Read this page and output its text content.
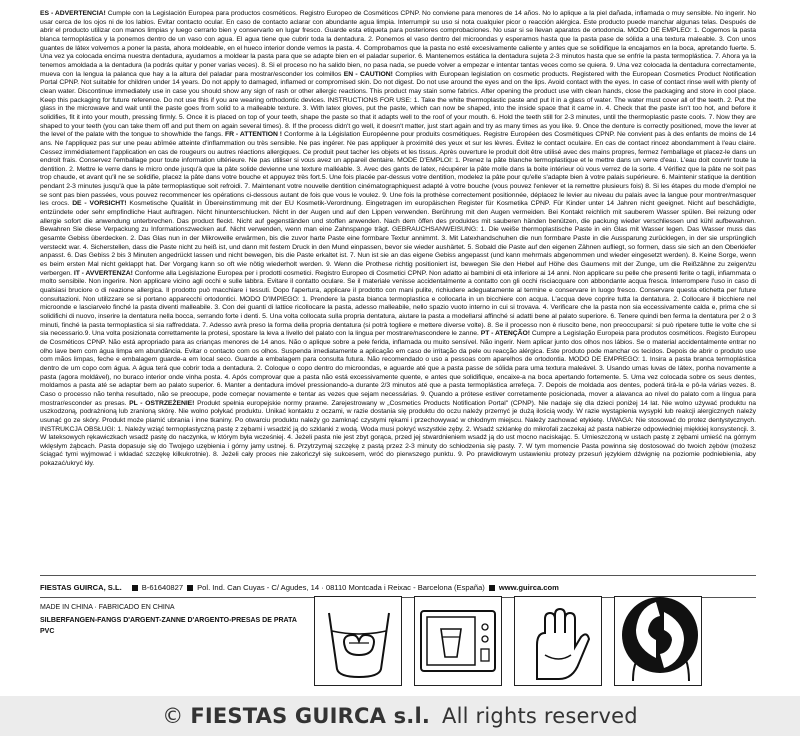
ES - ADVERTENCIA! Cumple con la Legislación Europea para productos cosméticos. Registro Europeo de Cosméticos CPNP. No conviene para menores de 14 años. No lo aplique a la piel dañada, inflamada o muy sensible. No ingerir. No usar cerca de los ojos ni de los labios. Evitar contacto ocular. En caso de contacto aclarar con abundante agua limpia. Interrumpir su uso si nota cualquier picor o reacción alérgica. Este producto puede manchar algunas telas. Después de abrir el producto utilizar con manos limpias y luego cerrarlo bien y conservarlo en lugar fresco. Guarde esta etiqueta para posteriores comprobaciones. No usar si se llevan aparatos de ortodoncia. MODO DE EMPLEO: 1. Cogemos la pasta blanca termoplástica y la ponemos dentro de un vaso con agua. El agua tiene que cubrir toda la dentadura. 2. Ponemos el vaso dentro del microondas y esperamos hasta que la pasta pase de sólida a una textura maleable. 3. Con unos guantes de látex volvemos a poner la pasta, ahora moldeable, en el hueco interior donde vemos la pasta. 4. Comprobamos que la pasta no esté excesivamente caliente y antes que se solidifique la encajamos en la boca, apretando fuerte. 5. Una vez ya colocada encima nuestra dentadura, ayudamos a moldear la pasta para que se adapte bien en el paladar superior. 6. Mantenemos estática la dentadura sujeta 2-3 minutos hasta que se enfríe la pasta termoplástica. 7. Ahora ya la tenemos amoldada a la dentadura (la podrás quitar y poner varias veces). 8. Si el proceso no ha salido bien, no pasa nada, se puede volver a empezar e intentar tantas veces como se quiera. 9. Una vez colocada la dentadura correctamente, mueva con la lengua la palanca que hay a la altura del paladar para mostrar/esconder los colmillos EN - CAUTION! Complies with European legislation on cosmetic products. Registered with the European Cosmetics Product Notification Portal CPNP. Not suitable for children under 14 years. Do not apply to damaged, inflamed or compromised skin. Do not digest. Do not use around the eyes and on the lips. Avoid contact with the eyes. In case of contact rinse well with plenty of clean water. Discontinue immediately use in case you should show any sign of rash or other allergic reactions. This product may stain some fabrics. After opening the product use with clean hands, close the packaging and store in cool place. Keep this packaging for future reference. Do not use this if you are wearing orthodontic devices. INSTRUCTIONS FOR USE: 1. Take the white thermoplastic paste and put it in a glass of water. The water must cover all of the teeth. 2. Put the glass in the microwave and wait until the paste goes from solid to a malleable texture. 3. With latex gloves, put the paste, which can now be shaped, into the inside space that it came in. 4. Check that the paste isn't too hot, and before it solidifies, fit it into your mouth, pressing firmly. 5. Once it is placed on top of your teeth, shape the paste so that it adapts well to the roof of your mouth. 6. Hold the teeth still for 2-3 minutes, until the thermoplastic paste cools. 7. Now they are shaped to your teeth (you can take them off and put them on again several times). 8. If the process didn't go well, it doesn't matter, just start again and try as many times as you like. 9. Once the denture is correctly positioned, move the lever at the level of the palate with the tongue to show/hide the fangs. FR - ATTENTION ! Conforme à la Législation Européenne pour produits cosmétiques. Registre Européen des Cosmétiques CPNP. Ne convient pas à des enfants de moins de 14 ans. Ne l'appliquez pas sur une peau abîmée atteinte d'inflammation ou très sensible. Ne pas ingérer. Ne pas appliquer à proximité des yeux et sur les lèvres. Évitez le contact oculaire. En cas de contact rincez abondamment à l'eau claire. Cessez immédiatement l'application en cas de rougeurs ou autres réactions allergiques. Ce produit peut tacher les objets et les tissus. Après ouverture le produit doit être utilisé avec des mains propres, fermez l'emballage et placez-le dans un endroit frais. Conservez l'emballage pour toute information ultérieure. Ne pas utiliser si vous avez un appareil dentaire. MODE D'EMPLOI: 1. Prenez la pâte blanche termoplastique et le mettre dans un verre d'eau. L'eau doit couvrir toute la dentition. 2. Mettre le verre dans le micro onde jusqu'à que la pâte solide devienne une texture malléable. 3. Avec des gants de latex, récupérer la pâte molle dans la boite intérieur où vous verrez de la sorte. 4 Vérifiez que la pâte ne soit pas trop chaude, et avant qu'il ne se solidifie, placez la pâte dans votre bouche et appuyez très fort.5. Une fois placée par-dessus votre dentition, modelez la pâte pour qu'elle s'adapte bien à votre palais supérieure. 6. Maintenir statique la dentition pendant 2-3 minutes jusqu'à que la pâte termoplastique soit refroidi. 7. Maintenant votre nouvelle dentition cinématographiquest adapté à votre bouche (vous pouvez l'enlever et la remettre plusieurs fois) 8. Si les étapes du mode d'emploi ne se sont pas bien passées, vous pouvez recommencer les opérations ci-dessous autant de fois que vous le voulez. 9. Une fois la prothèse correctement positionnée, déplacez le levier au niveau du palais avec la langue pour montrer/masquer les crocs. DE - VORSICHT! Kosmetische Qualität in Übereinstimmung mit der EU Kosmetik-Verordnung. Eingetragen im europäischen Register für Kosmetika CPNP. Für Kinder unter 14 Jahren nicht geeignet. Nicht auf beschädigte, entzündete oder sehr empfindliche Haut auftragen. Nicht hinunterschlucken. Nicht in der Augen und auf den Lippen verwenden. Berührung mit den Augen vermeiden. Bei Kontakt reichlich mit sauberem Wasser spülen. Bei reizung oder allergie sofort die anwendung unterbrechen. Das product fleckt. Nicht auf gegenständen und stoffen anwenden. Nach dem öffen des produktes mit sauberen händen benützen, die packung wieder verschliessen und kühl aufbewahren. Bewahren Sie diese Verpackung zu Informationszwecken auf. Nicht verwenden, wenn man eine Zahnspange trägt. GEBRAUCHSANWEISUNG: 1. Die weiße thermoplastische Paste in ein Glas mit Wasser legen. Das Wasser muss das gesamte Gebiss überdecken. 2. Das Glas nun in der Mikrowelle erwärmen, bis die zuvor harte Paste eine formbare Textur annimmt. 3. Mit Latexhandschuhen die nun formbare Paste in die Aussparung zurücklegen, in der sie ursprünglich versteckt war. 4. Sicherstellen, dass die Paste nicht zu heiß ist, und dann mit festem Druck in den Mund einpassen, bevor sie wieder aushärtet. 5. Sobald die Paste auf den eigenen Zähnen aufliegt, so formen, dass sie sich an den Oberkiefer anpasst. 6. Das Gebiss 2 bis 3 Minuten angedrückt lassen und nicht bewegen, bis die Paste erkaltet ist. 7. Nun ist sie an das eigene Gebiss angepasst (und kann mehrmals abgenommen und wieder eingesetzt werden). 8. Keine Sorge, wenn es beim ersten Mal nicht geklappt hat. Der Vorgang kann so oft wie nötig wiederholt werden. 9. Wenn die Prothese richtig positioniert ist, bewegen Sie den Hebel auf Höhe des Gaumens mit der Zunge, um die Reißzähne zu zeigen/zu verbergen. IT - AVVERTENZA! Conforme alla Legislazione Europea per i prodotti cosmetici. Registro Europeo di Cosmetici CPNP. Non adatto ai bambini di età inferiore ai 14 anni. Non applicare su pelle che presenti ferite o tagli, infiammata o molto sensibile. Non ingerire. Non applicare vicino agli occhi e sulle labbra. Evitare il contatto oculare. Se il materiale venisse accidentalmente a contatto con gli occhi risciacquare con abbondante acqua fresca. Interrompere l'uso in caso di qualsiasi bruciore o di reazione allergica. Il prodotto può macchiare i tessuti. Dopo l'apertura, applicare il prodotto con mani pulite, richiudere adeguatamente al termine e conservare in luogo fresco. Conservare questa etichetta per future consultazioni. Non utilizzare se si portano apparecchi ortodontici. MODO D'IMPIEGO: 1. Prendere la pasta bianca termoplastica e collocarla in un bicchiere con acqua. L'acqua deve coprire tutta la dentatura. 2. Collocare il bicchiere nel microonde e lasciarvelo finché la pasta diventi malleabile. 3. Con dei guanti di lattice ricollocare la pasta, adesso malleabile, nello spazio vuoto interno in cui si trovava. 4. Verificare che la pasta non sia eccessivamente calda e, prima che si solidifichi di nuovo, inserire la dentatura nella bocca, serrando forte i denti. 5. Una volta collocata sulla propria dentatura, aiutare la pasta a modellarsi affinché si adatti bene al palato superiore. 6. Tenere quindi ben ferma la dentatura per 2 o 3 minuti, finché la pasta termoplastica si sia raffreddata. 7. Adesso avrà preso la forma della propria dentatura (si potrà togliere e mettere diverse volte). 8. Se il processo non è riuscito bene, non preoccuparsi: si può ripetere tutte le volte che si sia necessario.9. Una volta posizionata correttamente la protesi, spostare la leva a livello del palato con la lingua per mostrare/nascondere le zanne. PT - ATENÇÃO! Cumpre a Legislação Europeia para produtos cosméticos. Registo Europeu de Cosméticos CPNP. Não está apropriado para as crianças menores de 14 anos. Não o aplique sobre a pele ferida, inflamada ou muito sensível. Não ingerir. Nem aplicar junto dos olhos nos lábios. Se o material accidentalmente entrar no olho lave bem com água limpa em abundância. Evitar o contacto com os olhos. Suspenda imediatamente a aplicação em caso de irritação da pele ou reacção alérgica. Este produto pode manchar os tecidos. Depois de abrir o produto use com mãos limpas, feche e embalagem guarde-a em local seco. Guarde a embalagem para consulta futura. Não recomendado o uso a pessoas com aparelhos de ortodontia. MODO DE EMPREGO: 1. Insira a pasta branca termoplástica dentro de um copo com água. A água terá que cobrir toda a dentadura. 2. Coloque o copo dentro do microondas, e aguarde até que a pasta passe de sólida para uma textura maleável. 3. Usando umas luvas de látex, ponha novamente a pasta (agora moldável), no buraco interior onde vinha posta. 4. Após comprovar que a pasta não está excessivamente quente, e antes que solidifique, encaixe-a na boca apertando fortemente. 5. Uma vez colocada sobre os seus dentes, moldamos a pasta até se adaptar bem ao palato superior. 6. Manter a dentadura imóvel pressionando-a durante 2/3 minutos até que a pasta termoplástica arrefeça. 7. Depois de moldada aos dentes, poderá tirá-la e pô-la várias vezes. 8. Caso o processo não tenha resultado, não se preocupe, pode começar novamente e tentar as vezes que sejam necessárias. 9. Quando a prótese estiver corretamente posicionada, mover a alavanca ao nível do palato com a língua para mostrar/esconder as presas. PL - OSTRZEŻENIE! Produkt spełnia europejskie normy prawne. Zarejestrowany w „Cosmetics Products Notification Portal" (CPNP). Nie nadaje się dla dzieci poniżej 14 lat. Nie wolno używać produktu na uszkodzoną, podrażnioną lub zranioną skórę. Nie wolno połykać produktu. Unikać kontaktu z oczami, w razie dostania się produktu do oczu należy przemyć je dużą ilością wody. W razie wystąpienia wysypki lub reakcji alergicznych należy usunąć go ze skóry. Produkt może plamić ubrania i inne tkaniny. Po otwarciu produktu należy go zamknąć czystymi rękami i przechowywać w chłodnym miejscu. Należy zachować etykietę. UWAGA: Nie stosować do protez dentystycznych. INSTRUKCJA OBSŁUGI: 1. Należy wziąć termoplastyczną pastę z zębami i wsadzić ją do szklanki z wodą. Woda musi pokryć wszystkie zęby. 2. Wsadź szklankę do mikrofali zaczekaj aż pasta nabierze odpowiedniej miękkiej konsystencji. 3. W lateksowych rękawiczkach wsadź pastę do naczynka, w którym była wcześniej. 4. Jeżeli pasta nie jest zbyt gorąca, przed jej stwardnieniem wsadź ją do ust mocno naciskając. 5. Umieszczoną w ustach pastę z zębami umieść na górnym wklęsłym żąbcach. Pasta dopasuje się do Twojego uzębienia i górny jamy ustnej. 6. Przytrzymaj szczękę z pastą przez 2-3 minuty do schłodzenia się pasty. 7. W tym momencie Pasta powinna się dostosować do twoich zębów (możesz ściągać tymi wyjmować i wkładać szczękę kilkukrotnie). 8. Jeżeli cały proces nie zakończył się sukcesem, wróć do pierwszego punktu. 9. Po prawidłowym ustawieniu protezy przesuń językiem dźwignię na poziomie podniebienia, aby pokazać/ukryć kły.

FIESTAS GUIRCA, S.L.	B-61640827 Pol. Ind. Can Cuyas - C/ Agudes, 14 · 08110 Montcada i Reixac - Barcelona (España) www.guirca.com
MADE IN CHINA · FABRICADO EN CHINA
SILBERFANGEN-FANGS D'ARGENT-ZANNE D'ARGENTO-PRESAS DE PRATA
PVC
© FIESTAS GUIRCA s.l. All rights reserved
